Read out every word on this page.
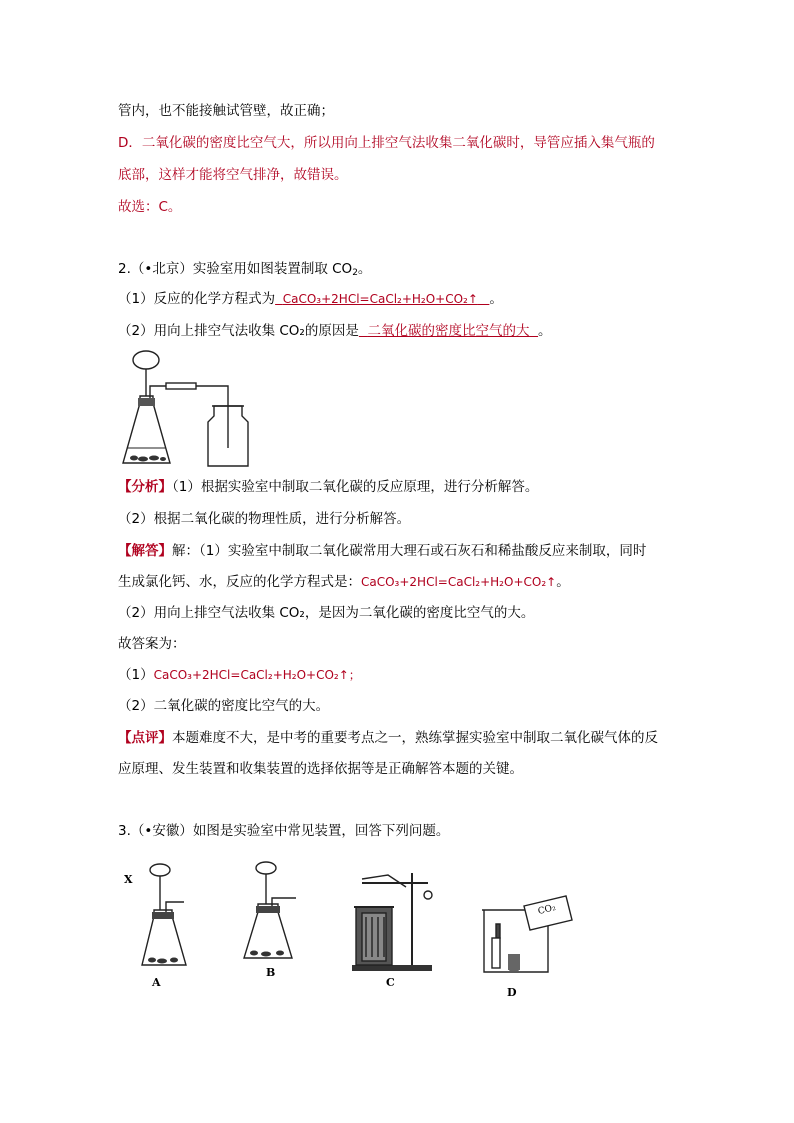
管内，也不能接触试管壁，故正确；
D．二氧化碳的密度比空气大，所以用向上排空气法收集二氧化碳时，导管应插入集气瓶的
底部，这样才能将空气排净，故错误。
故选：C。
2.（•北京）实验室用如图装置制取 $CO_2$。
（1）反应的化学方程式为 CaCO₃+2HCl=CaCl₂+H₂O+CO₂↑ 。
（2）用向上排空气法收集 CO₂的原因是 二氧化碳的密度比空气的大 。
【分析】（1）根据实验室中制取二氧化碳的反应原理，进行分析解答。
（2）根据二氧化碳的物理性质，进行分析解答。
【解答】解：（1）实验室中制取二氧化碳常用大理石或石灰石和稀盐酸反应来制取，同时
生成氯化钙、水，反应的化学方程式是：CaCO₃+2HCl=CaCl₂+H₂O+CO₂↑。
（2）用向上排空气法收集 CO₂，是因为二氧化碳的密度比空气的大。
故答案为：
（1）CaCO₃+2HCl=CaCl₂+H₂O+CO₂↑；
（2）二氧化碳的密度比空气的大。
【点评】本题难度不大，是中考的重要考点之一，熟练掌握实验室中制取二氧化碳气体的反
应原理、发生装置和收集装置的选择依据等是正确解答本题的关键。
3.（•安徽）如图是实验室中常见装置，回答下列问题。
X
A
B
C
CO₂
D
